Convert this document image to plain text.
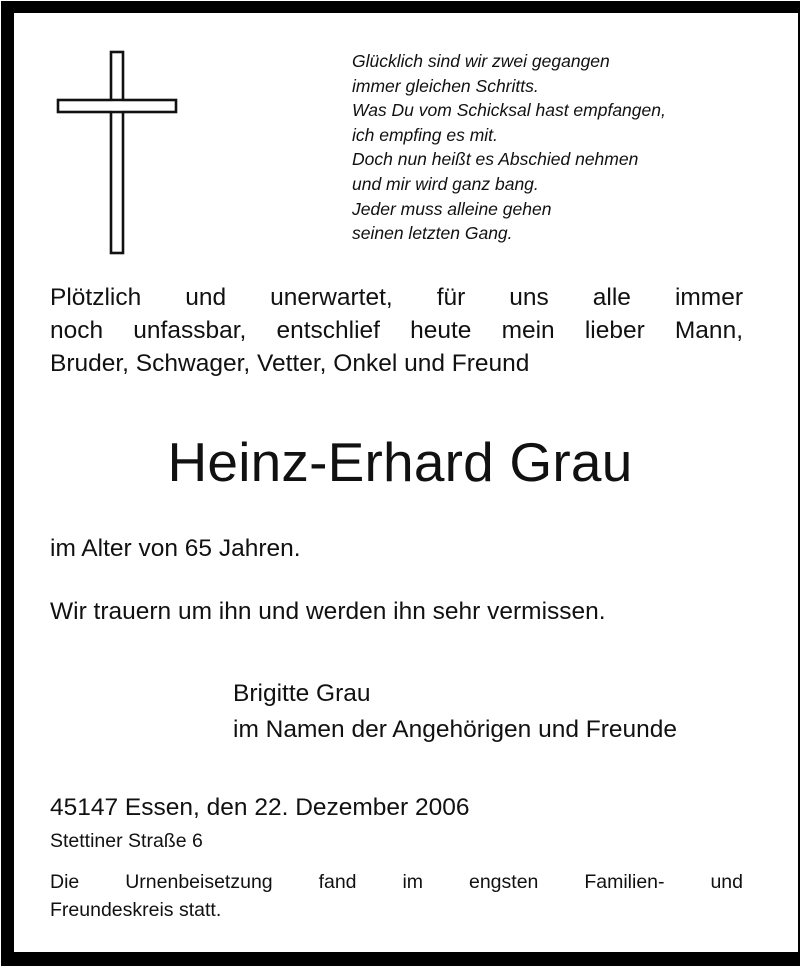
Glücklich sind wir zwei gegangen
immer gleichen Schritts.
Was Du vom Schicksal hast empfangen,
ich empfing es mit.
Doch nun heißt es Abschied nehmen
und mir wird ganz bang.
Jeder muss alleine gehen
seinen letzten Gang.
Plötzlich und unerwartet, für uns alle immer
noch unfassbar, entschlief heute mein lieber Mann,
Bruder, Schwager, Vetter, Onkel und Freund
Heinz-Erhard Grau
im Alter von 65 Jahren.
Wir trauern um ihn und werden ihn sehr vermissen.
Brigitte Grau
im Namen der Angehörigen und Freunde
45147 Essen, den 22. Dezember 2006
Stettiner Straße 6
Die Urnenbeisetzung fand im engsten Familien- und
Freundeskreis statt.
